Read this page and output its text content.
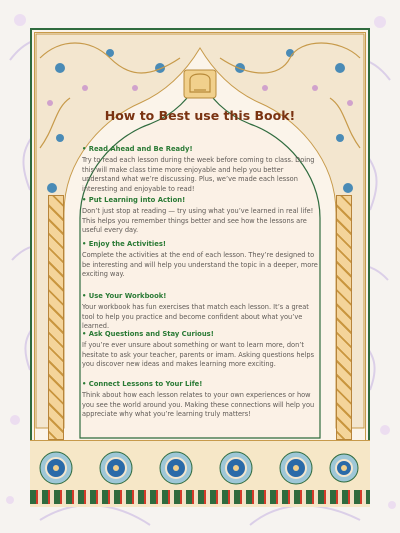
How to Best use this Book!

• Read Ahead and Be Ready!

Try to read each lesson during the week before coming to class. Doing this will make class time more enjoyable and help you better understand what we’re discussing. Plus, we’ve made each lesson interesting and enjoyable to read!

• Put Learning into Action!

Don’t just stop at reading — try using what you’ve learned in real life! This helps you remember things better and see how the lessons are useful every day.

• Enjoy the Activities!

Complete the activities at the end of each lesson. They’re designed to be interesting and will help you understand the topic in a deeper, more exciting way.

• Use Your Workbook!

Your workbook has fun exercises that match each lesson. It’s a great tool to help you practice and become confident about what you’ve learned.

• Ask Questions and Stay Curious!

If you’re ever unsure about something or want to learn more, don’t hesitate to ask your teacher, parents or imam. Asking questions helps you discover new ideas and makes learning more exciting.

• Connect Lessons to Your Life!

Think about how each lesson relates to your own experiences or how you see the world around you. Making these connections will help you appreciate why what you’re learning truly matters!
